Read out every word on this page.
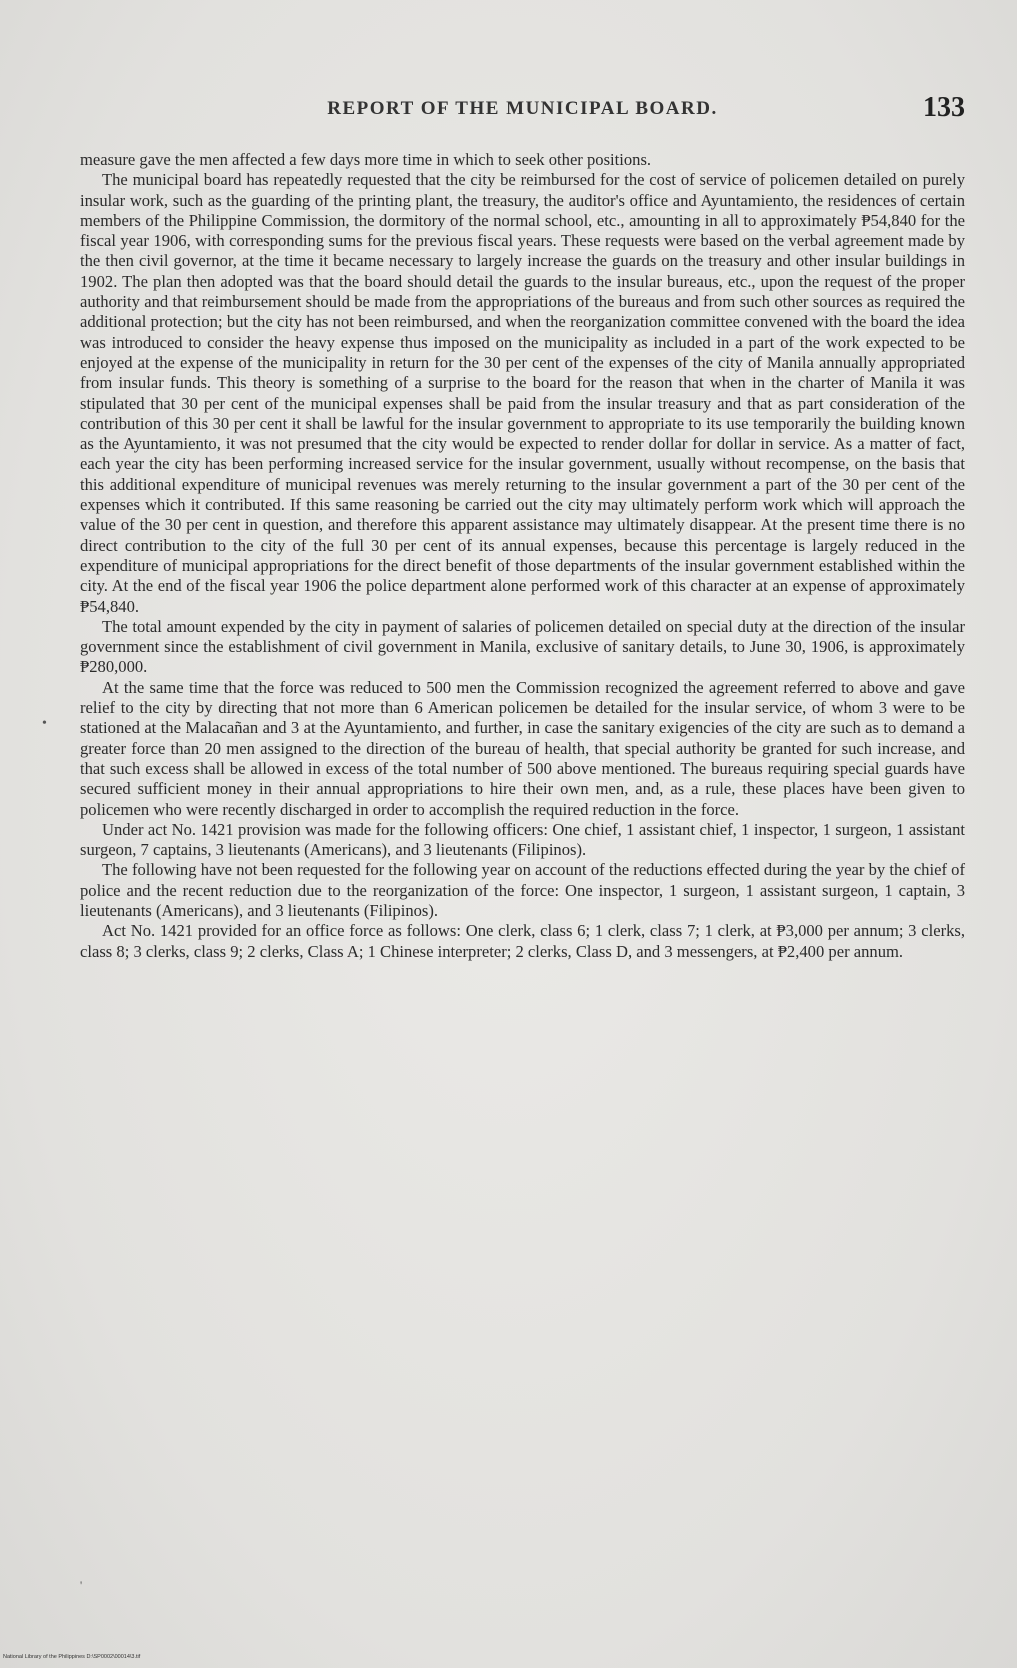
REPORT OF THE MUNICIPAL BOARD.	133

measure gave the men affected a few days more time in which to seek other positions.

The municipal board has repeatedly requested that the city be reimbursed for the cost of service of policemen detailed on purely insular work, such as the guarding of the printing plant, the treasury, the auditor's office and Ayuntamiento, the residences of certain members of the Philippine Commission, the dormitory of the normal school, etc., amounting in all to approximately ₱54,840 for the fiscal year 1906, with corresponding sums for the previous fiscal years. These requests were based on the verbal agreement made by the then civil governor, at the time it became necessary to largely increase the guards on the treasury and other insular buildings in 1902. The plan then adopted was that the board should detail the guards to the insular bureaus, etc., upon the request of the proper authority and that reimbursement should be made from the appropriations of the bureaus and from such other sources as required the additional protection; but the city has not been reimbursed, and when the reorganization committee convened with the board the idea was introduced to consider the heavy expense thus imposed on the municipality as included in a part of the work expected to be enjoyed at the expense of the municipality in return for the 30 per cent of the expenses of the city of Manila annually appropriated from insular funds. This theory is something of a surprise to the board for the reason that when in the charter of Manila it was stipulated that 30 per cent of the municipal expenses shall be paid from the insular treasury and that as part consideration of the contribution of this 30 per cent it shall be lawful for the insular government to appropriate to its use temporarily the building known as the Ayuntamiento, it was not presumed that the city would be expected to render dollar for dollar in service. As a matter of fact, each year the city has been performing increased service for the insular government, usually without recompense, on the basis that this additional expenditure of municipal revenues was merely returning to the insular government a part of the 30 per cent of the expenses which it contributed. If this same reasoning be carried out the city may ultimately perform work which will approach the value of the 30 per cent in question, and therefore this apparent assistance may ultimately disappear. At the present time there is no direct contribution to the city of the full 30 per cent of its annual expenses, because this percentage is largely reduced in the expenditure of municipal appropriations for the direct benefit of those departments of the insular government established within the city. At the end of the fiscal year 1906 the police department alone performed work of this character at an expense of approximately ₱54,840.

The total amount expended by the city in payment of salaries of policemen detailed on special duty at the direction of the insular government since the establishment of civil government in Manila, exclusive of sanitary details, to June 30, 1906, is approximately ₱280,000.

At the same time that the force was reduced to 500 men the Commission recognized the agreement referred to above and gave relief to the city by directing that not more than 6 American policemen be detailed for the insular service, of whom 3 were to be stationed at the Malacañan and 3 at the Ayuntamiento, and further, in case the sanitary exigencies of the city are such as to demand a greater force than 20 men assigned to the direction of the bureau of health, that special authority be granted for such increase, and that such excess shall be allowed in excess of the total number of 500 above mentioned. The bureaus requiring special guards have secured sufficient money in their annual appropriations to hire their own men, and, as a rule, these places have been given to policemen who were recently discharged in order to accomplish the required reduction in the force.

Under act No. 1421 provision was made for the following officers: One chief, 1 assistant chief, 1 inspector, 1 surgeon, 1 assistant surgeon, 7 captains, 3 lieutenants (Americans), and 3 lieutenants (Filipinos).

The following have not been requested for the following year on account of the reductions effected during the year by the chief of police and the recent reduction due to the reorganization of the force: One inspector, 1 surgeon, 1 assistant surgeon, 1 captain, 3 lieutenants (Americans), and 3 lieutenants (Filipinos).

Act No. 1421 provided for an office force as follows: One clerk, class 6; 1 clerk, class 7; 1 clerk, at ₱3,000 per annum; 3 clerks, class 8; 3 clerks, class 9; 2 clerks, Class A; 1 Chinese interpreter; 2 clerks, Class D, and 3 messengers, at ₱2,400 per annum.

•
'
National Library of the Philippines D:\SP0002\00014\3.tif
